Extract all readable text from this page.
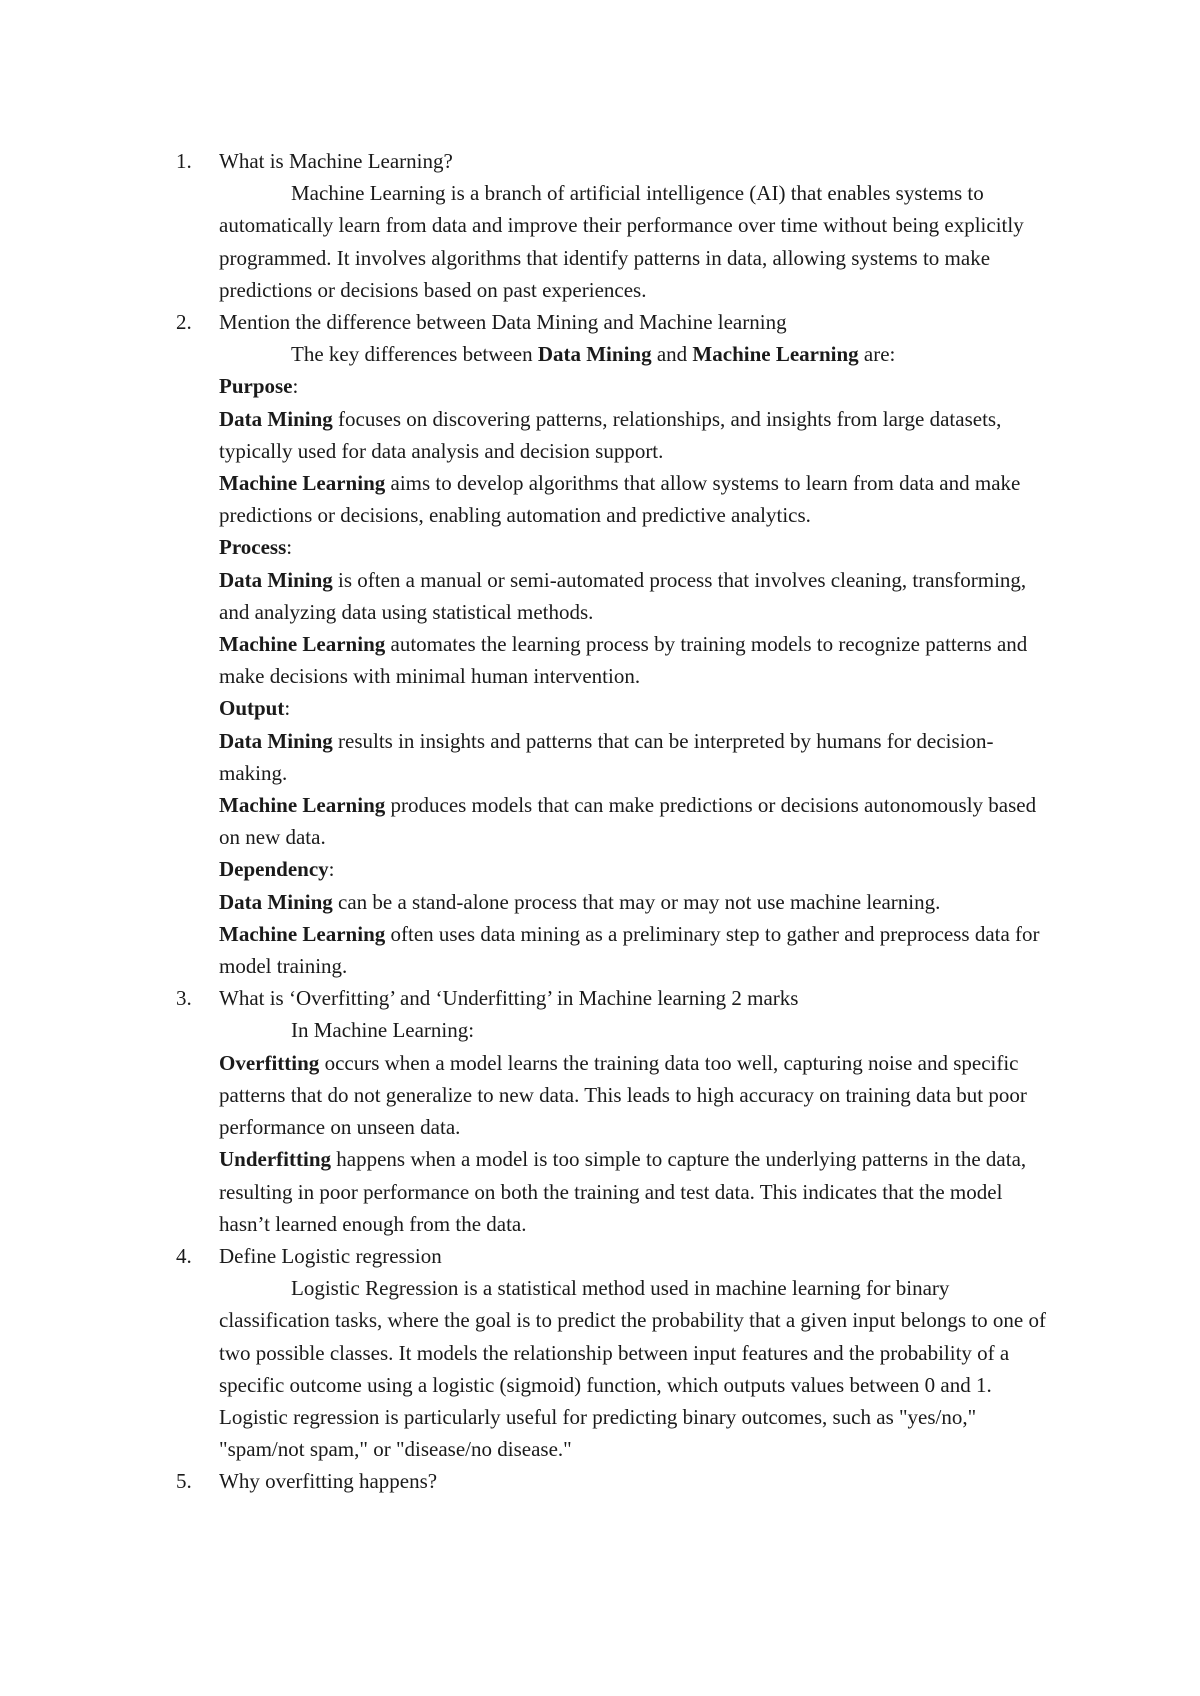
1. What is Machine Learning?

Machine Learning is a branch of artificial intelligence (AI) that enables systems to automatically learn from data and improve their performance over time without being explicitly programmed. It involves algorithms that identify patterns in data, allowing systems to make predictions or decisions based on past experiences.

2. Mention the difference between Data Mining and Machine learning

The key differences between Data Mining and Machine Learning are:

Purpose:

Data Mining focuses on discovering patterns, relationships, and insights from large datasets, typically used for data analysis and decision support.

Machine Learning aims to develop algorithms that allow systems to learn from data and make predictions or decisions, enabling automation and predictive analytics.

Process:

Data Mining is often a manual or semi-automated process that involves cleaning, transforming, and analyzing data using statistical methods.

Machine Learning automates the learning process by training models to recognize patterns and make decisions with minimal human intervention.

Output:

Data Mining results in insights and patterns that can be interpreted by humans for decision-making.

Machine Learning produces models that can make predictions or decisions autonomously based on new data.

Dependency:

Data Mining can be a stand-alone process that may or may not use machine learning.

Machine Learning often uses data mining as a preliminary step to gather and preprocess data for model training.

3. What is ‘Overfitting’ and ‘Underfitting’ in Machine learning 2 marks

In Machine Learning:

Overfitting occurs when a model learns the training data too well, capturing noise and specific patterns that do not generalize to new data. This leads to high accuracy on training data but poor performance on unseen data.

Underfitting happens when a model is too simple to capture the underlying patterns in the data, resulting in poor performance on both the training and test data. This indicates that the model hasn’t learned enough from the data.

4. Define Logistic regression

Logistic Regression is a statistical method used in machine learning for binary classification tasks, where the goal is to predict the probability that a given input belongs to one of two possible classes. It models the relationship between input features and the probability of a specific outcome using a logistic (sigmoid) function, which outputs values between 0 and 1. Logistic regression is particularly useful for predicting binary outcomes, such as "yes/no," "spam/not spam," or "disease/no disease."

5. Why overfitting happens?
